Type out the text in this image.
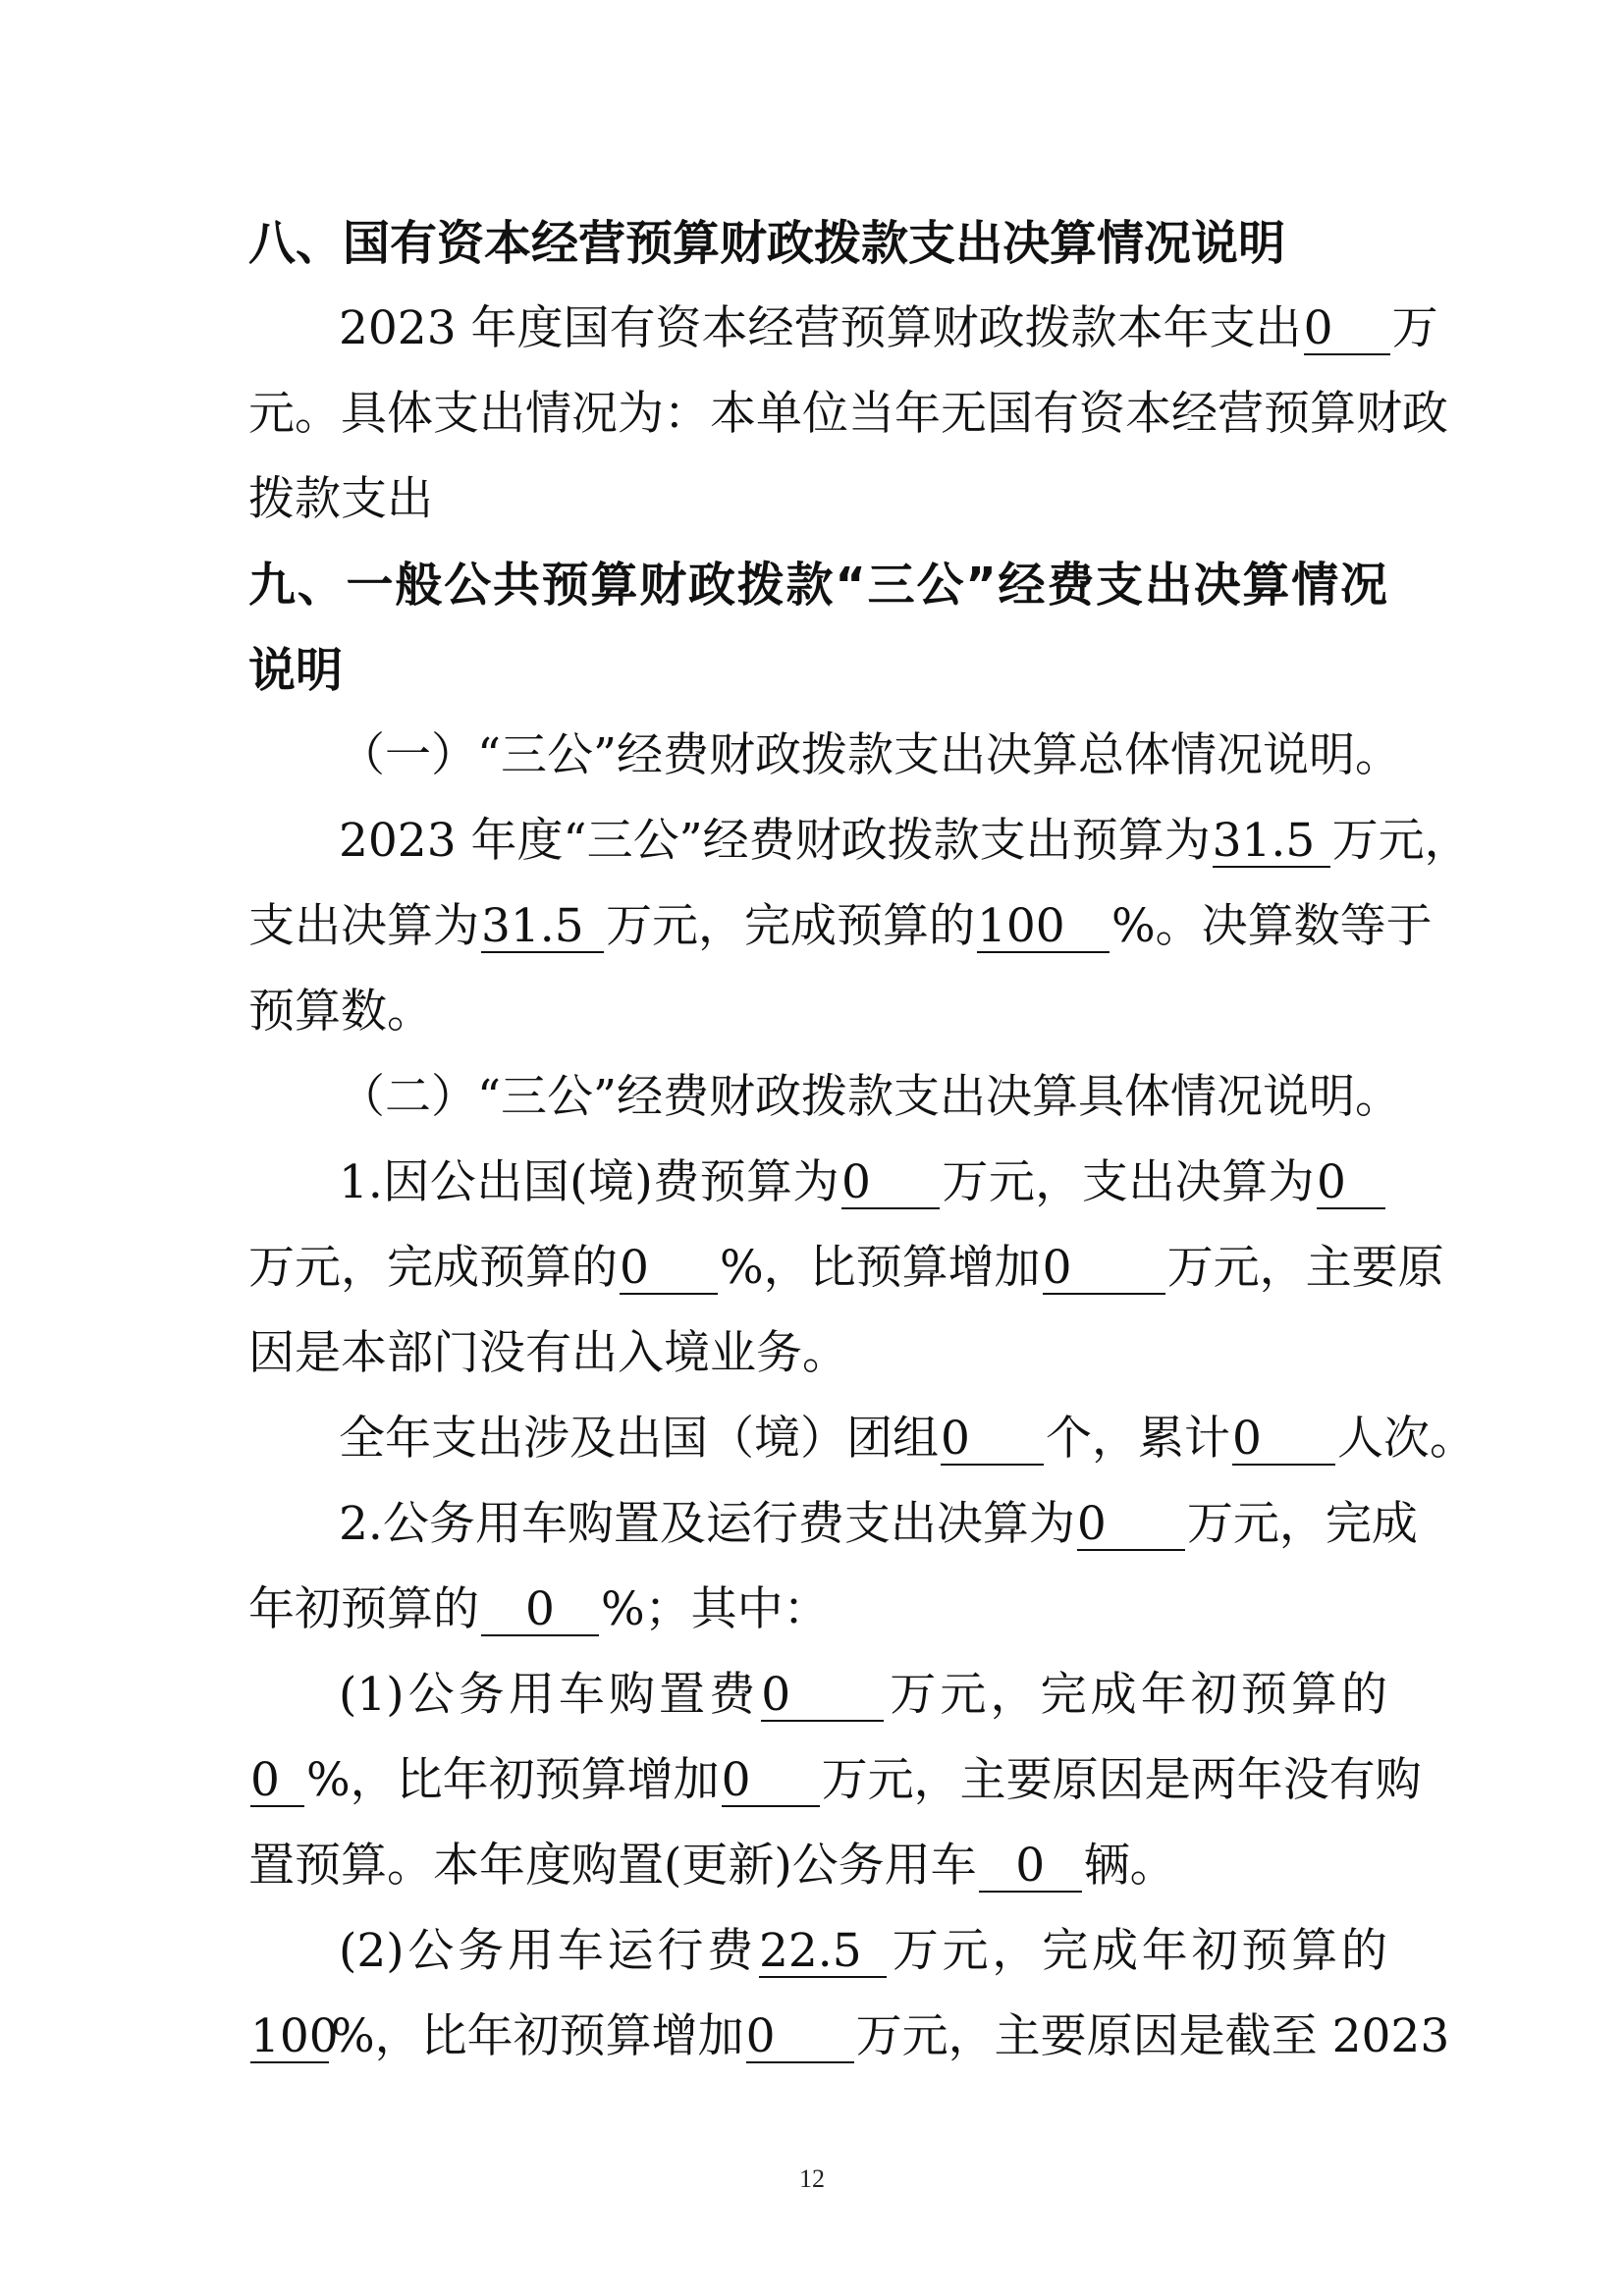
八、国有资本经营预算财政拨款支出决算情况说明
2023 年度国有资本经营预算财政拨款本年支出0 万
元。具体支出情况为：本单位当年无国有资本经营预算财政
拨款支出
九、一般公共预算财政拨款“三公”经费支出决算情况
说明
（一）“三公”经费财政拨款支出决算总体情况说明。
2023 年度“三公”经费财政拨款支出预算为31.5 万元，
支出决算为31.5 万元，完成预算的100 %。决算数等于
预算数。
（二）“三公”经费财政拨款支出决算具体情况说明。
1.因公出国(境)费预算为0 万元，支出决算为0
万元，完成预算的0 %，比预算增加0 万元，主要原
因是本部门没有出入境业务。
全年支出涉及出国（境）团组0 个，累计0 人次。
2.公务用车购置及运行费支出决算为0 万元，完成
年初预算的 0 %；其中：
(1)公务用车购置费0 万元，完成年初预算的
0 %，比年初预算增加0 万元，主要原因是两年没有购
置预算。本年度购置(更新)公务用车 0 辆。
(2)公务用车运行费22.5 万元，完成年初预算的
100%，比年初预算增加0 万元，主要原因是截至 2023
12
